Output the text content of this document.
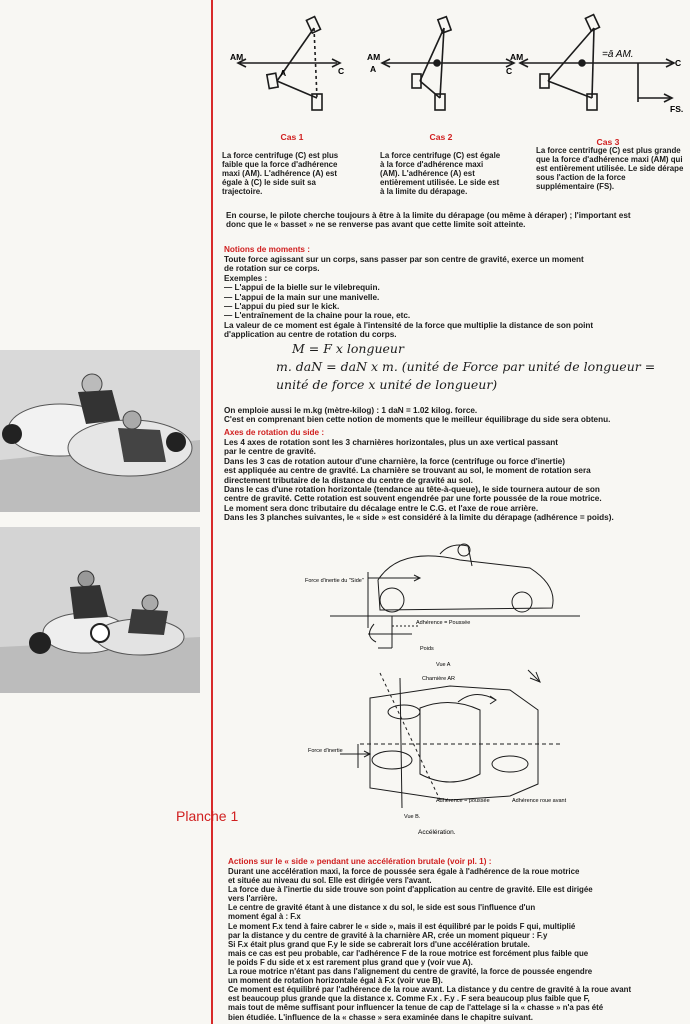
AM
A	C
AM
A	C
AM	=ā AM.
C
FS.
Cas 1
La force centrifuge (C) est plus faible que la force d'adhérence maxi (AM). L'adhérence (A) est égale à (C) le side suit sa trajectoire.
Cas 2
La force centrifuge (C) est égale à la force d'adhérence maxi (AM). L'adhérence (A) est entièrement utilisée. Le side est à la limite du dérapage.
Cas 3
La force centrifuge (C) est plus grande que la force d'adhérence maxi (AM) qui est entièrement utilisée. Le side dérape sous l'action de la force supplémentaire (FS).
En course, le pilote cherche toujours à être à la limite du dérapage (ou même à déraper) ; l'important est donc que le « basset » ne se renverse pas avant que cette limite soit atteinte.
Notions de moments :

Toute force agissant sur un corps, sans passer par son centre de gravité, exerce un moment

de rotation sur ce corps.

Exemples :

— L'appui de la bielle sur le vilebrequin.

— L'appui de la main sur une manivelle.

— L'appui du pied sur le kick.

— L'entraînement de la chaine pour la roue, etc.

La valeur de ce moment est égale à l'intensité de la force que multiplie la distance de son point

d'application au centre de rotation du corps.

M = F x longueur
m. daN = daN x m. (unité de Force par unité de longueur =
unité de force x unité de longueur)

On emploie aussi le m.kg (mètre-kilog) : 1 daN = 1.02 kilog. force.

C'est en comprenant bien cette notion de moments que le meilleur équilibrage du side sera obtenu.

Axes de rotation du side :

Les 4 axes de rotation sont les 3 charnières horizontales, plus un axe vertical passant

par le centre de gravité.

Dans les 3 cas de rotation autour d'une charnière, la force (centrifuge ou force d'inertie)

est appliquée au centre de gravité. La charnière se trouvant au sol, le moment de rotation sera

directement tributaire de la distance du centre de gravité au sol.

Dans le cas d'une rotation horizontale (tendance au tête-à-queue), le side tournera autour de son

centre de gravité. Cette rotation est souvent engendrée par une forte poussée de la roue motrice.

Le moment sera donc tributaire du décalage entre le C.G. et l'axe de roue arrière.

Dans les 3 planches suivantes, le « side » est considéré à la limite du dérapage (adhérence = poids).

Force d'inertie du "Side"
Adhérence = Poussée
Poids
Vue A
Charnière AR
Force d'inertie
Adhérence = poussée	Adhérence roue avant
Vue B.
Accélération.
Planche 1
Actions sur le « side » pendant une accélération brutale (voir pl. 1) :

Durant une accélération maxi, la force de poussée sera égale à l'adhérence de la roue motrice

et située au niveau du sol. Elle est dirigée vers l'avant.

La force due à l'inertie du side trouve son point d'application au centre de gravité. Elle est dirigée

vers l'arrière.

Le centre de gravité étant à une distance x du sol, le side est sous l'influence d'un

moment égal à : F.x

Le moment F.x tend à faire cabrer le « side », mais il est équilibré par le poids F qui, multiplié

par la distance y du centre de gravité à la charnière AR, crée un moment piqueur : F.y

Si F.x était plus grand que F.y le side se cabrerait lors d'une accélération brutale.

mais ce cas est peu probable, car l'adhérence F de la roue motrice est forcément plus faible que

le poids F du side et x est rarement plus grand que y (voir vue A).

La roue motrice n'étant pas dans l'alignement du centre de gravité, la force de poussée engendre

un moment de rotation horizontale égal à F.x (voir vue B).

Ce moment est équilibré par l'adhérence de la roue avant. La distance y du centre de gravité à la roue avant

est beaucoup plus grande que la distance x. Comme F.x . F.y . F sera beaucoup plus faible que F,

mais tout de même suffisant pour influencer la tenue de cap de l'attelage si la « chasse » n'a pas été

bien étudiée. L'influence de la « chasse » sera examinée dans le chapitre suivant.
